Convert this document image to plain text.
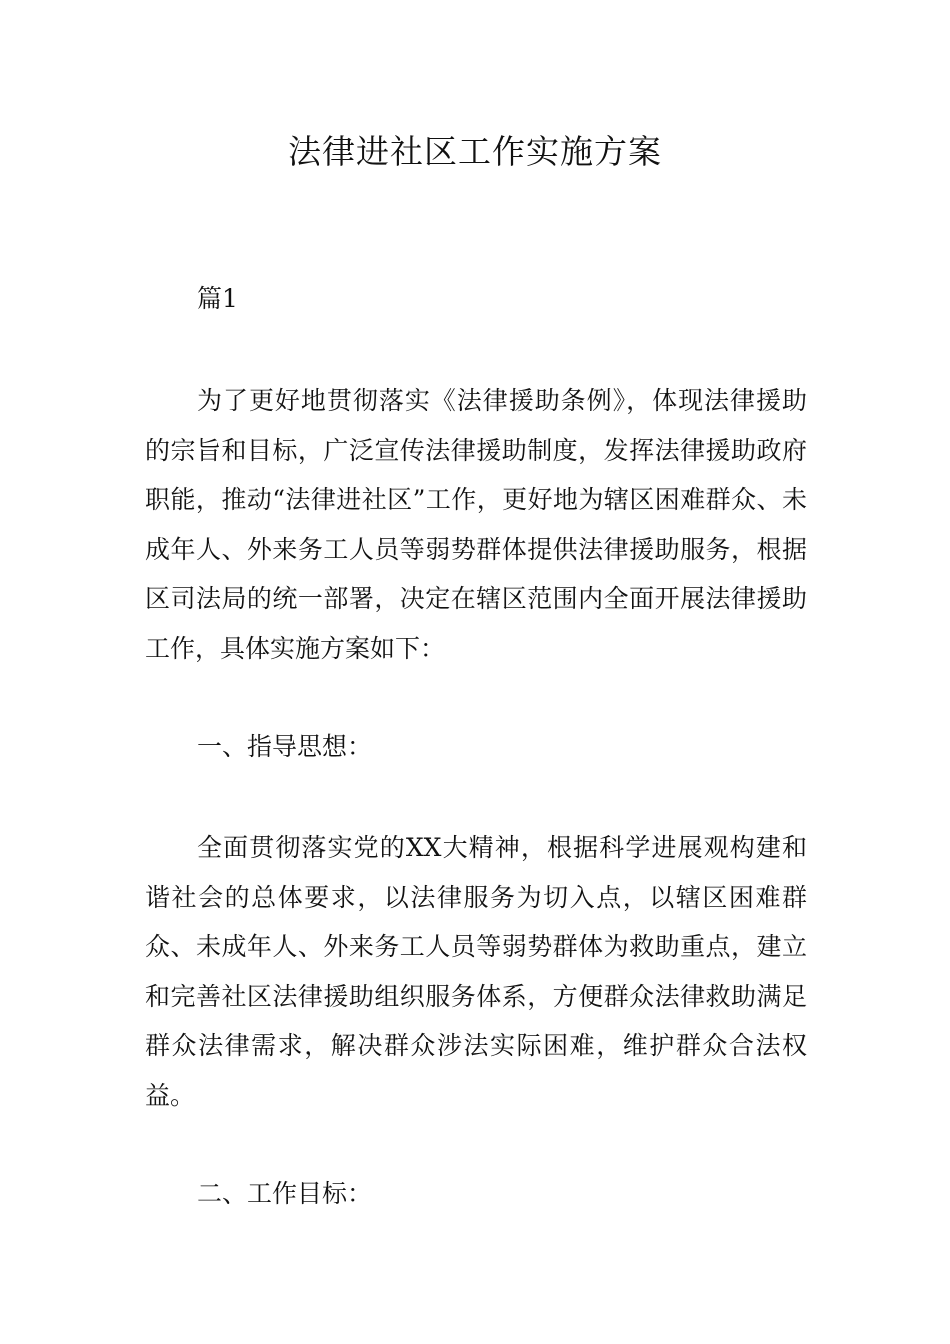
法律进社区工作实施方案

篇1

为了更好地贯彻落实《法律援助条例》，体现法律援助的宗旨和目标，广泛宣传法律援助制度，发挥法律援助政府职能，推动“法律进社区”工作，更好地为辖区困难群众、未成年人、外来务工人员等弱势群体提供法律援助服务，根据区司法局的统一部署，决定在辖区范围内全面开展法律援助工作，具体实施方案如下：

一、指导思想：

全面贯彻落实党的XX大精神，根据科学进展观构建和谐社会的总体要求，以法律服务为切入点，以辖区困难群众、未成年人、外来务工人员等弱势群体为救助重点，建立和完善社区法律援助组织服务体系，方便群众法律救助满足群众法律需求，解决群众涉法实际困难，维护群众合法权益。

二、工作目标：
